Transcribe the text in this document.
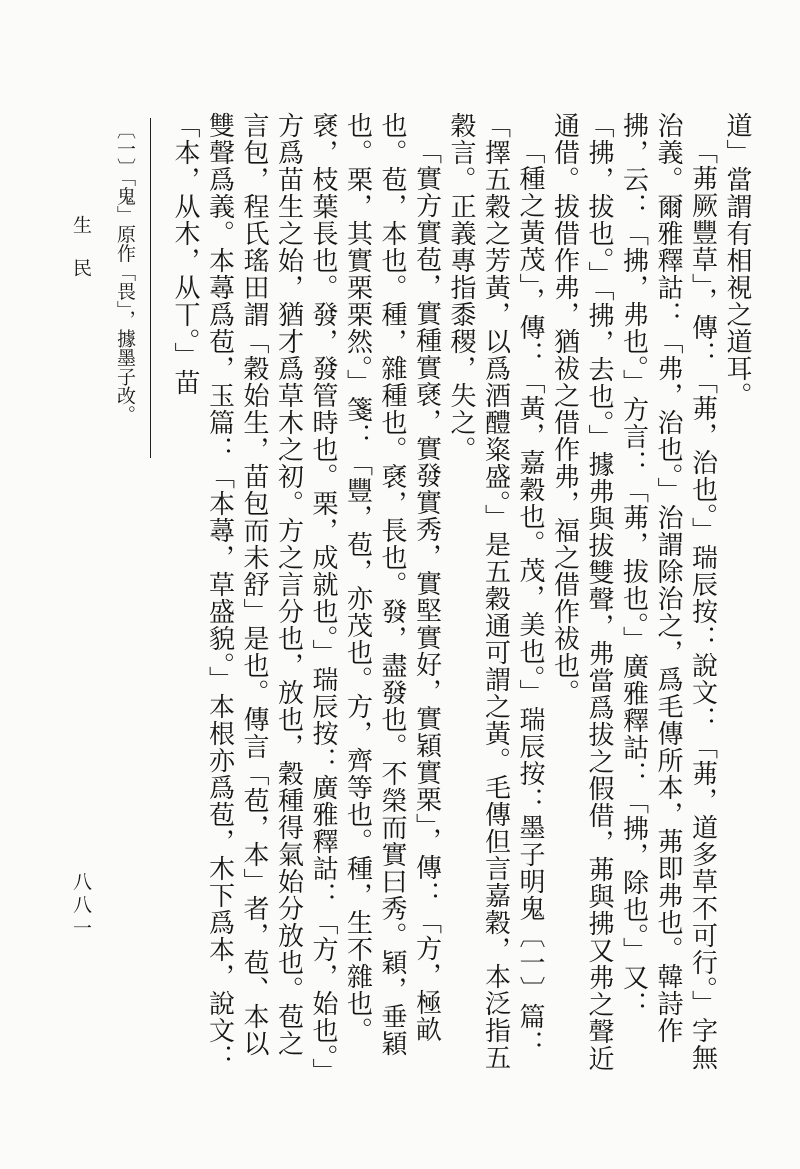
道」當謂有相視之道耳。

「茀厥豐草」，傳：「茀，治也。」瑞辰按：說文：「茀，道多草不可行。」字無治義。爾雅釋詁：「弗，治也。」治謂除治之，爲毛傳所本，茀即弗也。韓詩作拂，云：「拂，弗也。」方言：「茀，拔也。」廣雅釋詁：「拂，除也。」又：「拂，拔也。」「拂，去也。」據弗與拔雙聲，弗當爲拔之假借，茀與拂又弗之聲近通借。拔借作弗，猶祓之借作弗，福之借作祓也。

「種之黃茂」，傳：「黃，嘉穀也。茂，美也。」瑞辰按：墨子明鬼〔一〕篇：「擇五穀之芳黃，以爲酒醴粢盛。」是五穀通可謂之黃。毛傳但言嘉穀，本泛指五穀言。正義專指黍稷，失之。

「實方實苞，實種實褎，實發實秀，實堅實好，實穎實栗」，傳：「方，極畝也。苞，本也。種，雜種也。褎，長也。發，盡發也。不榮而實曰秀。穎，垂穎也。栗，其實栗栗然。」箋：「豐，苞，亦茂也。方，齊等也。種，生不雜也。褎，枝葉長也。發，發管時也。栗，成就也。」瑞辰按：廣雅釋詁：「方，始也。」方爲苗生之始，猶才爲草木之初。方之言分也，放也，穀種得氣始分放也。苞之言包，程氏瑤田謂「穀始生，苗包而未舒」是也。傳言「苞，本」者，苞、本以雙聲爲義。本蕁爲苞，玉篇：「本蕁，草盛貌。」本根亦爲苞，木下爲本，說文：「本，从木，从丅。」苗

〔一〕「鬼」原作「畏」，據墨子改。
生民
八八一
